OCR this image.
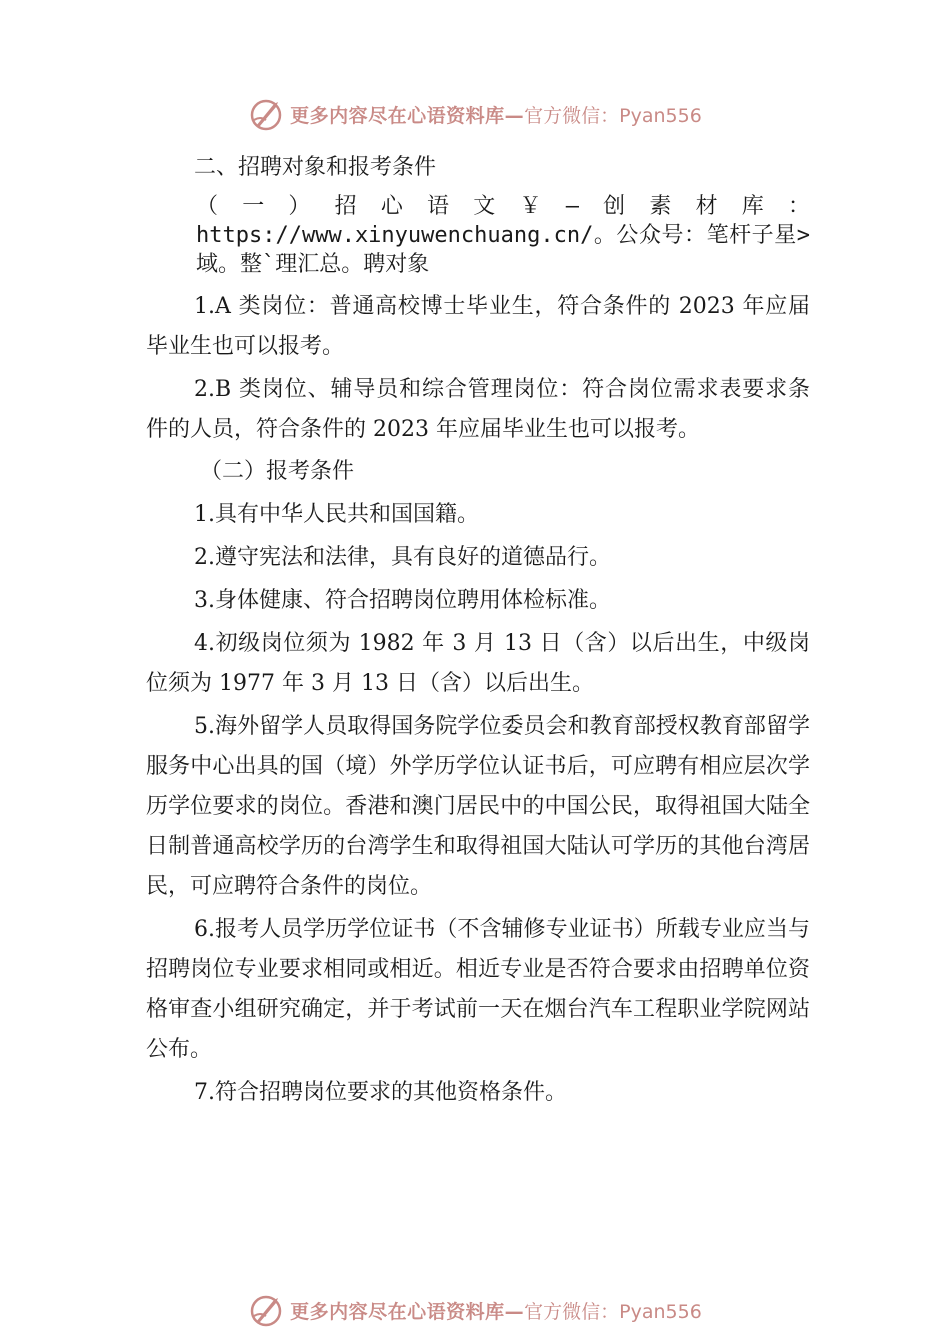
更多内容尽在心语资料库— 官方微信：Pyan556

二、招聘对象和报考条件

（一）招心语文￥—创素材库：https://www.xinyuwenchuang.cn/。公众号：笔杆子星>域。整`理汇总。聘对象

1.A 类岗位：普通高校博士毕业生，符合条件的 2023 年应届毕业生也可以报考。

2.B 类岗位、辅导员和综合管理岗位：符合岗位需求表要求条件的人员，符合条件的 2023 年应届毕业生也可以报考。

（二）报考条件

1.具有中华人民共和国国籍。

2.遵守宪法和法律，具有良好的道德品行。

3.身体健康、符合招聘岗位聘用体检标准。

4.初级岗位须为 1982 年 3 月 13 日（含）以后出生，中级岗位须为 1977 年 3 月 13 日（含）以后出生。

5.海外留学人员取得国务院学位委员会和教育部授权教育部留学服务中心出具的国（境）外学历学位认证书后，可应聘有相应层次学历学位要求的岗位。香港和澳门居民中的中国公民，取得祖国大陆全日制普通高校学历的台湾学生和取得祖国大陆认可学历的其他台湾居民，可应聘符合条件的岗位。

6.报考人员学历学位证书（不含辅修专业证书）所载专业应当与招聘岗位专业要求相同或相近。相近专业是否符合要求由招聘单位资格审查小组研究确定，并于考试前一天在烟台汽车工程职业学院网站公布。

7.符合招聘岗位要求的其他资格条件。

更多内容尽在心语资料库— 官方微信：Pyan556
